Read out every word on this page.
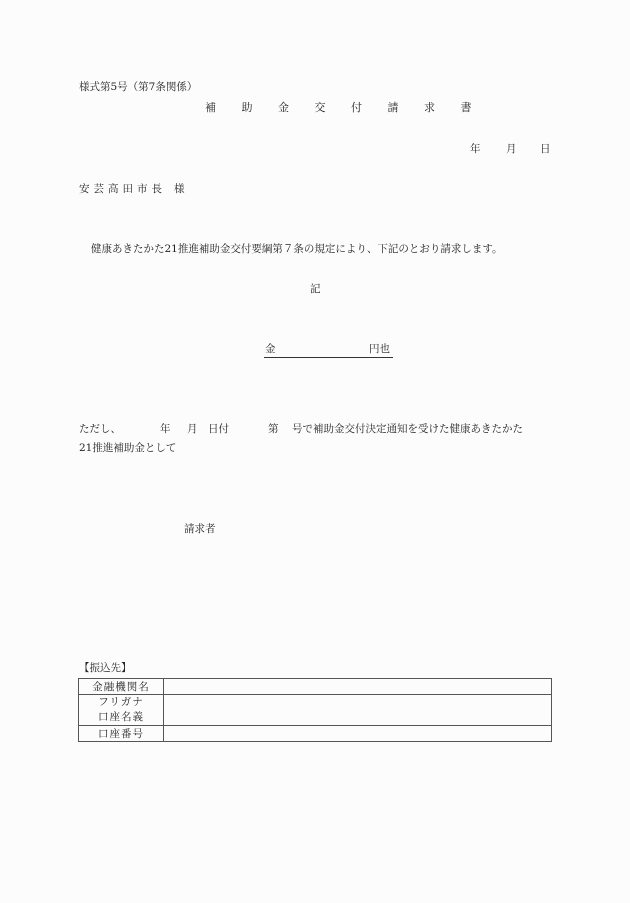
様式第5号（第7条関係）
補 助 金 交 付 請 求 書
年 月 日
安芸高田市長 様
健康あきたかた21推進補助金交付要綱第７条の規定により、下記のとおり請求します。
記
金	円也
ただし、	年 月 日付	第 号で補助金交付決定通知を受けた健康あきたかた
21推進補助金として
請求者
【振込先】
金融機関名	

フリガナ
口座名義	

口座番号	
